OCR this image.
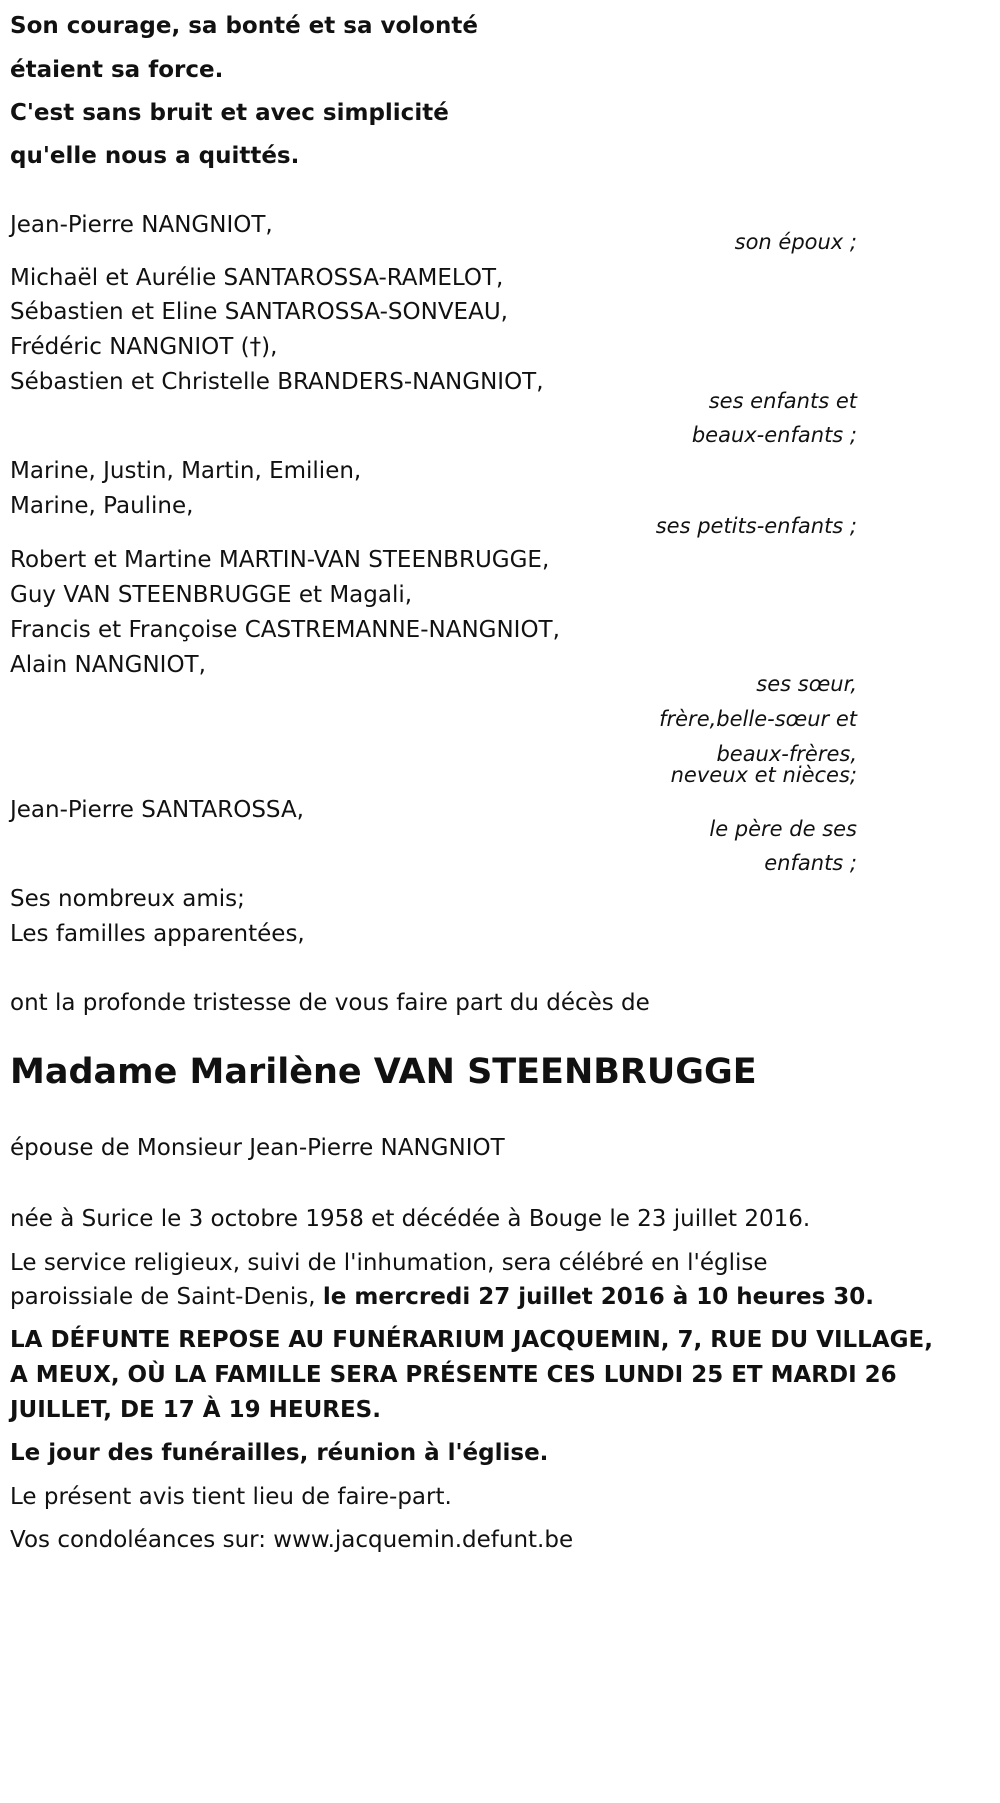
Son courage, sa bonté et sa volonté
étaient sa force.
C'est sans bruit et avec simplicité
qu'elle nous a quittés.
Jean-Pierre NANGNIOT,
son époux ;
Michaël et Aurélie SANTAROSSA-RAMELOT,
Sébastien et Eline SANTAROSSA-SONVEAU,
Frédéric NANGNIOT (†),
Sébastien et Christelle BRANDERS-NANGNIOT,
ses enfants et
beaux-enfants ;
Marine, Justin, Martin, Emilien,
Marine, Pauline,
ses petits-enfants ;
Robert et Martine MARTIN-VAN STEENBRUGGE,
Guy VAN STEENBRUGGE et Magali,
Francis et Françoise CASTREMANNE-NANGNIOT,
Alain NANGNIOT,
ses sœur,
frère,belle-sœur et
beaux-frères,
neveux et nièces;
Jean-Pierre SANTAROSSA,
le père de ses
enfants ;
Ses nombreux amis;
Les familles apparentées,
ont la profonde tristesse de vous faire part du décès de
Madame Marilène VAN STEENBRUGGE
épouse de Monsieur Jean-Pierre NANGNIOT
née à Surice le 3 octobre 1958 et décédée à Bouge le 23 juillet 2016.
Le service religieux, suivi de l'inhumation, sera célébré en l'église
paroissiale de Saint-Denis, le mercredi 27 juillet 2016 à 10 heures 30.
LA DÉFUNTE REPOSE AU FUNÉRARIUM JACQUEMIN, 7, RUE DU VILLAGE,
A MEUX, OÙ LA FAMILLE SERA PRÉSENTE CES LUNDI 25 ET MARDI 26
JUILLET, DE 17 À 19 HEURES.
Le jour des funérailles, réunion à l'église.
Le présent avis tient lieu de faire-part.
Vos condoléances sur: www.jacquemin.defunt.be
